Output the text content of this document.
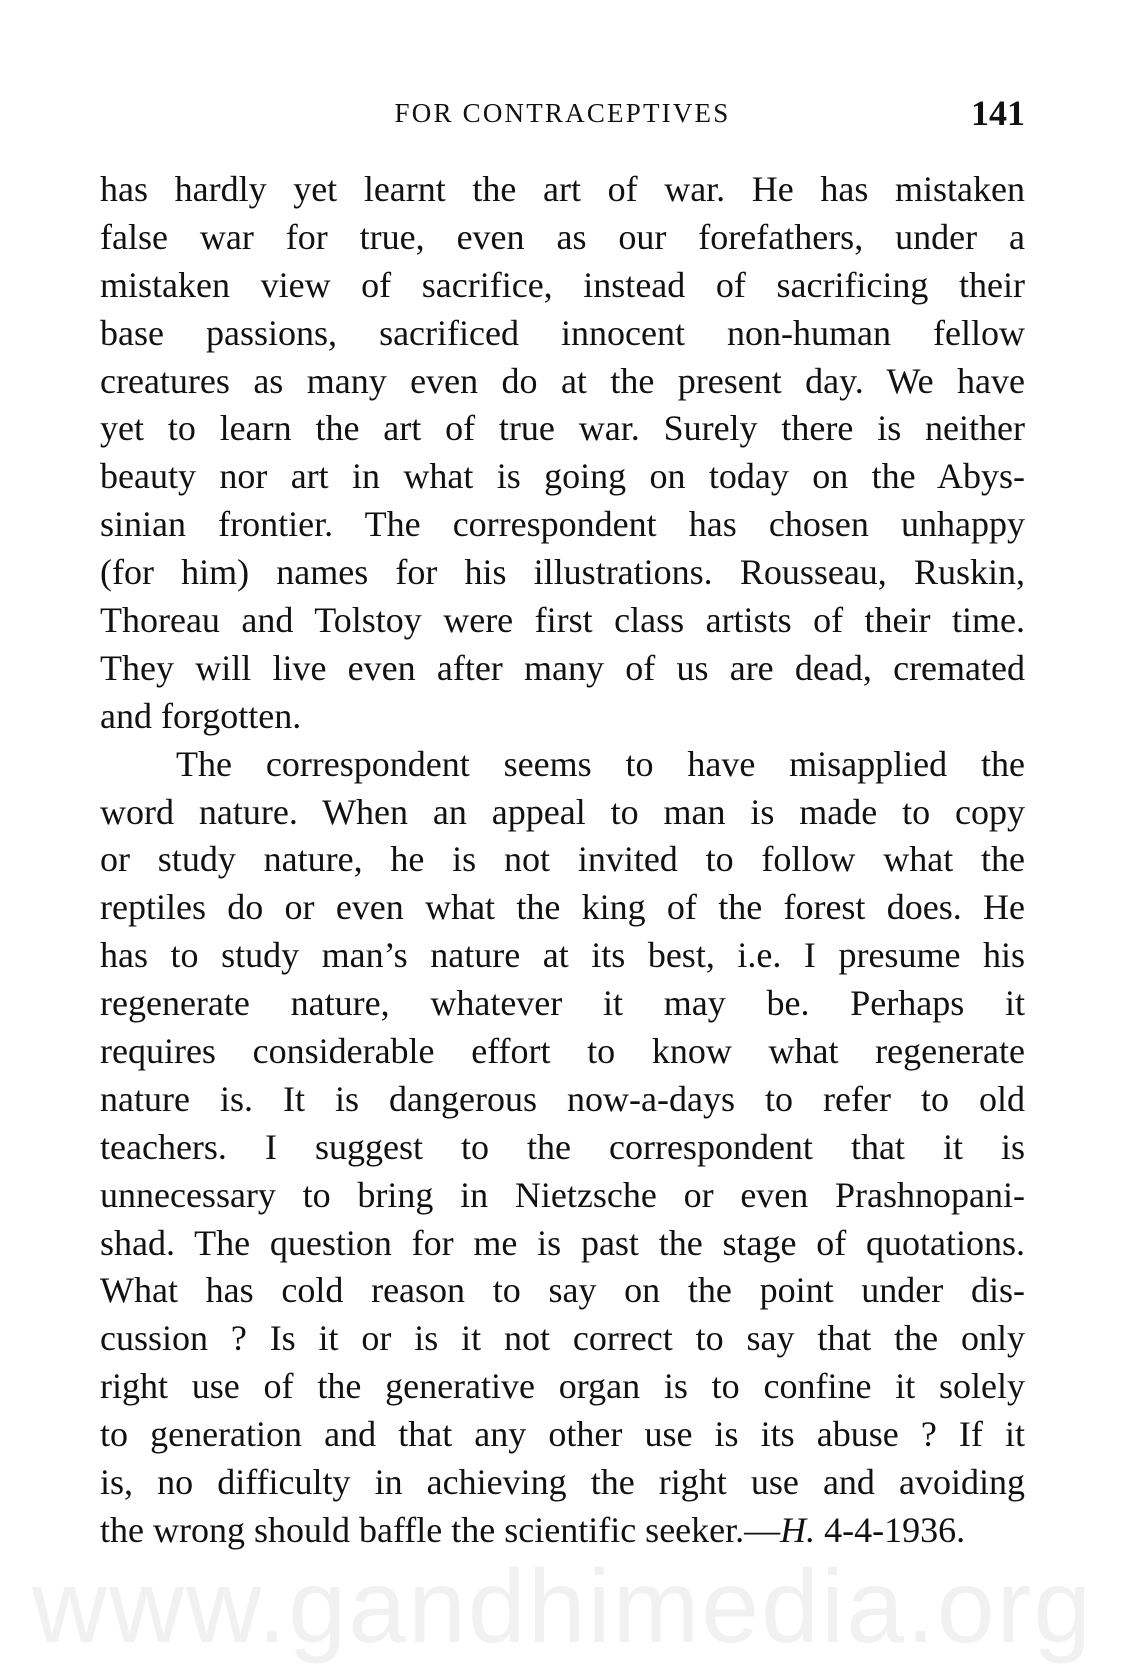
FOR CONTRACEPTIVES	141
has hardly yet learnt the art of war. He has mistaken
false war for true, even as our forefathers, under a
mistaken view of sacrifice, instead of sacrificing their
base passions, sacrificed innocent non-human fellow
creatures as many even do at the present day. We have
yet to learn the art of true war. Surely there is neither
beauty nor art in what is going on today on the Abys-
sinian frontier. The correspondent has chosen unhappy
(for him) names for his illustrations. Rousseau, Ruskin,
Thoreau and Tolstoy were first class artists of their time.
They will live even after many of us are dead, cremated
and forgotten.
The correspondent seems to have misapplied the
word nature. When an appeal to man is made to copy
or study nature, he is not invited to follow what the
reptiles do or even what the king of the forest does. He
has to study man’s nature at its best, i.e. I presume his
regenerate nature, whatever it may be. Perhaps it
requires considerable effort to know what regenerate
nature is. It is dangerous now-a-days to refer to old
teachers. I suggest to the correspondent that it is
unnecessary to bring in Nietzsche or even Prashnopani-
shad. The question for me is past the stage of quotations.
What has cold reason to say on the point under dis-
cussion ? Is it or is it not correct to say that the only
right use of the generative organ is to confine it solely
to generation and that any other use is its abuse ? If it
is, no difficulty in achieving the right use and avoiding
the wrong should baffle the scientific seeker.—H. 4-4-1936.
www.gandhimedia.org
